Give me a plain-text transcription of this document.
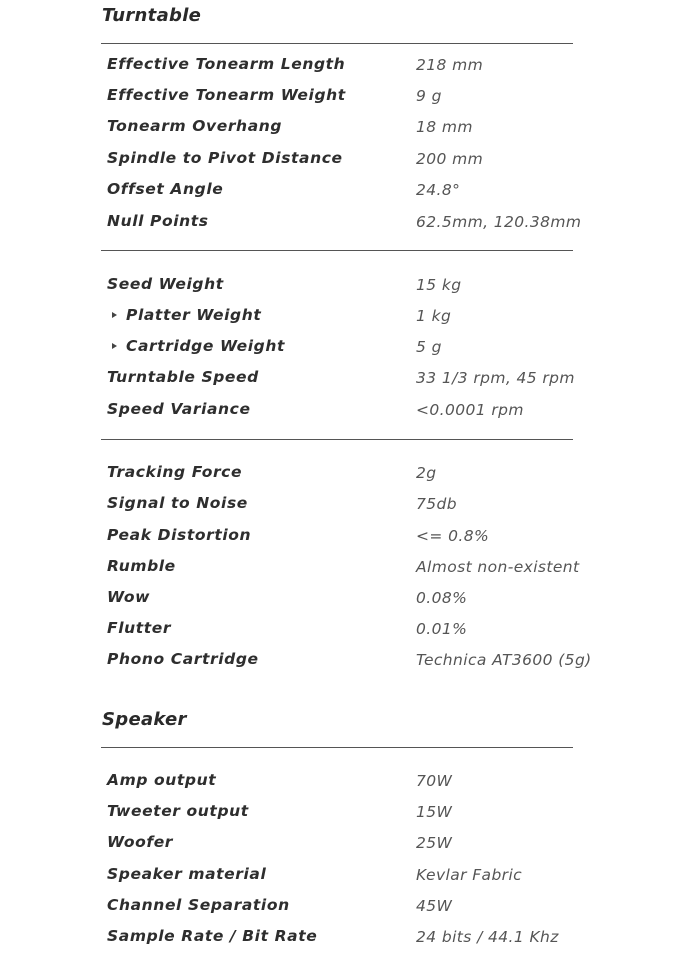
Turntable
Effective Tonearm Length	218 mm
Effective Tonearm Weight	9 g
Tonearm Overhang	18 mm
Spindle to Pivot Distance	200 mm
Offset Angle	24.8°
Null Points	62.5mm, 120.38mm
Seed Weight	15 kg
Platter Weight	1 kg
Cartridge Weight	5 g
Turntable Speed	33 1/3 rpm, 45 rpm
Speed Variance	<0.0001 rpm
Tracking Force	2g
Signal to Noise	75db
Peak Distortion	<= 0.8%
Rumble	Almost non-existent
Wow	0.08%
Flutter	0.01%
Phono Cartridge	Technica AT3600 (5g)
Speaker
Amp output	70W
Tweeter output	15W
Woofer	25W
Speaker material	Kevlar Fabric
Channel Separation	45W
Sample Rate / Bit Rate	24 bits / 44.1 Khz
